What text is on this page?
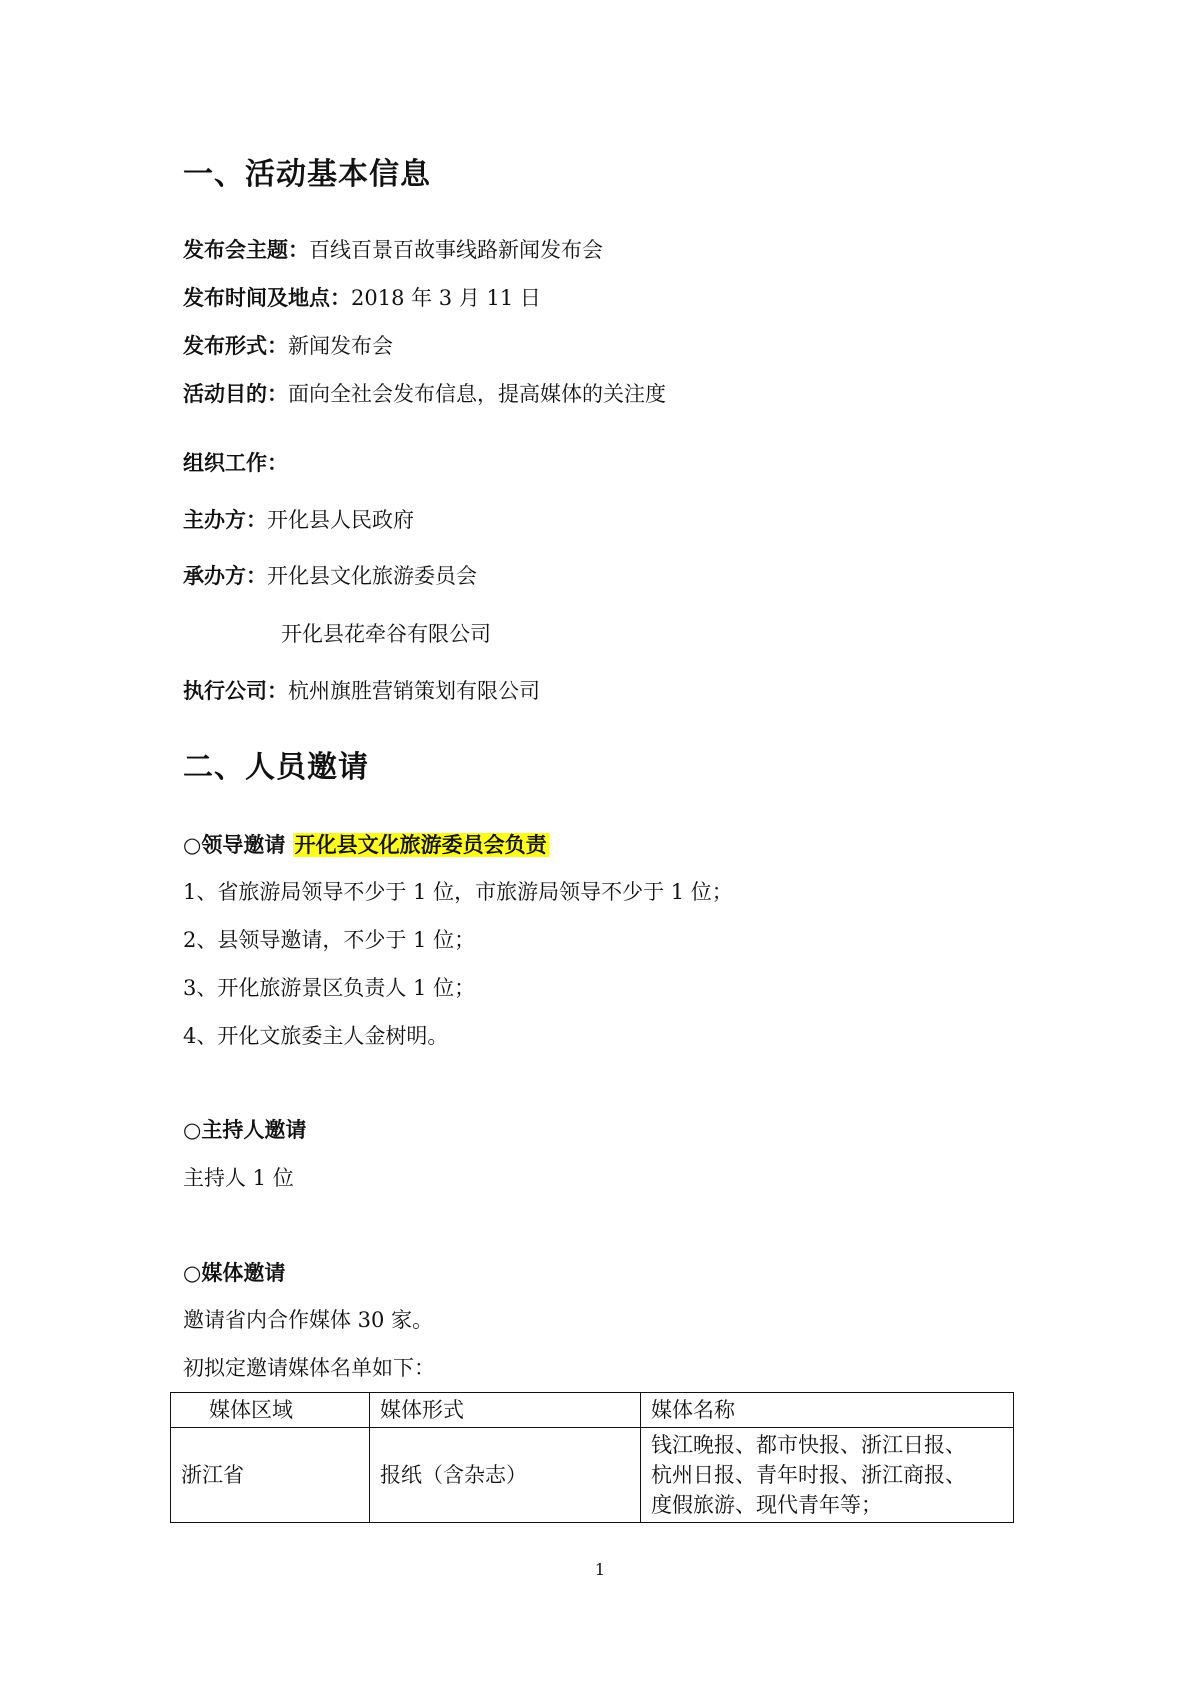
一、活动基本信息
发布会主题：百线百景百故事线路新闻发布会
发布时间及地点：2018 年 3 月 11 日
发布形式：新闻发布会
活动目的：面向全社会发布信息，提高媒体的关注度
组织工作：
主办方：开化县人民政府
承办方：开化县文化旅游委员会
开化县花牵谷有限公司
执行公司：杭州旗胜营销策划有限公司
二、人员邀请
○领导邀请 开化县文化旅游委员会负责
1、省旅游局领导不少于 1 位，市旅游局领导不少于 1 位；
2、县领导邀请，不少于 1 位；
3、开化旅游景区负责人 1 位；
4、开化文旅委主人金树明。
○主持人邀请
主持人 1 位
○媒体邀请
邀请省内合作媒体 30 家。
初拟定邀请媒体名单如下：
媒体区域	媒体形式	媒体名称
浙江省	报纸（含杂志）	钱江晚报、都市快报、浙江日报、
杭州日报、青年时报、浙江商报、
度假旅游、现代青年等；
1
